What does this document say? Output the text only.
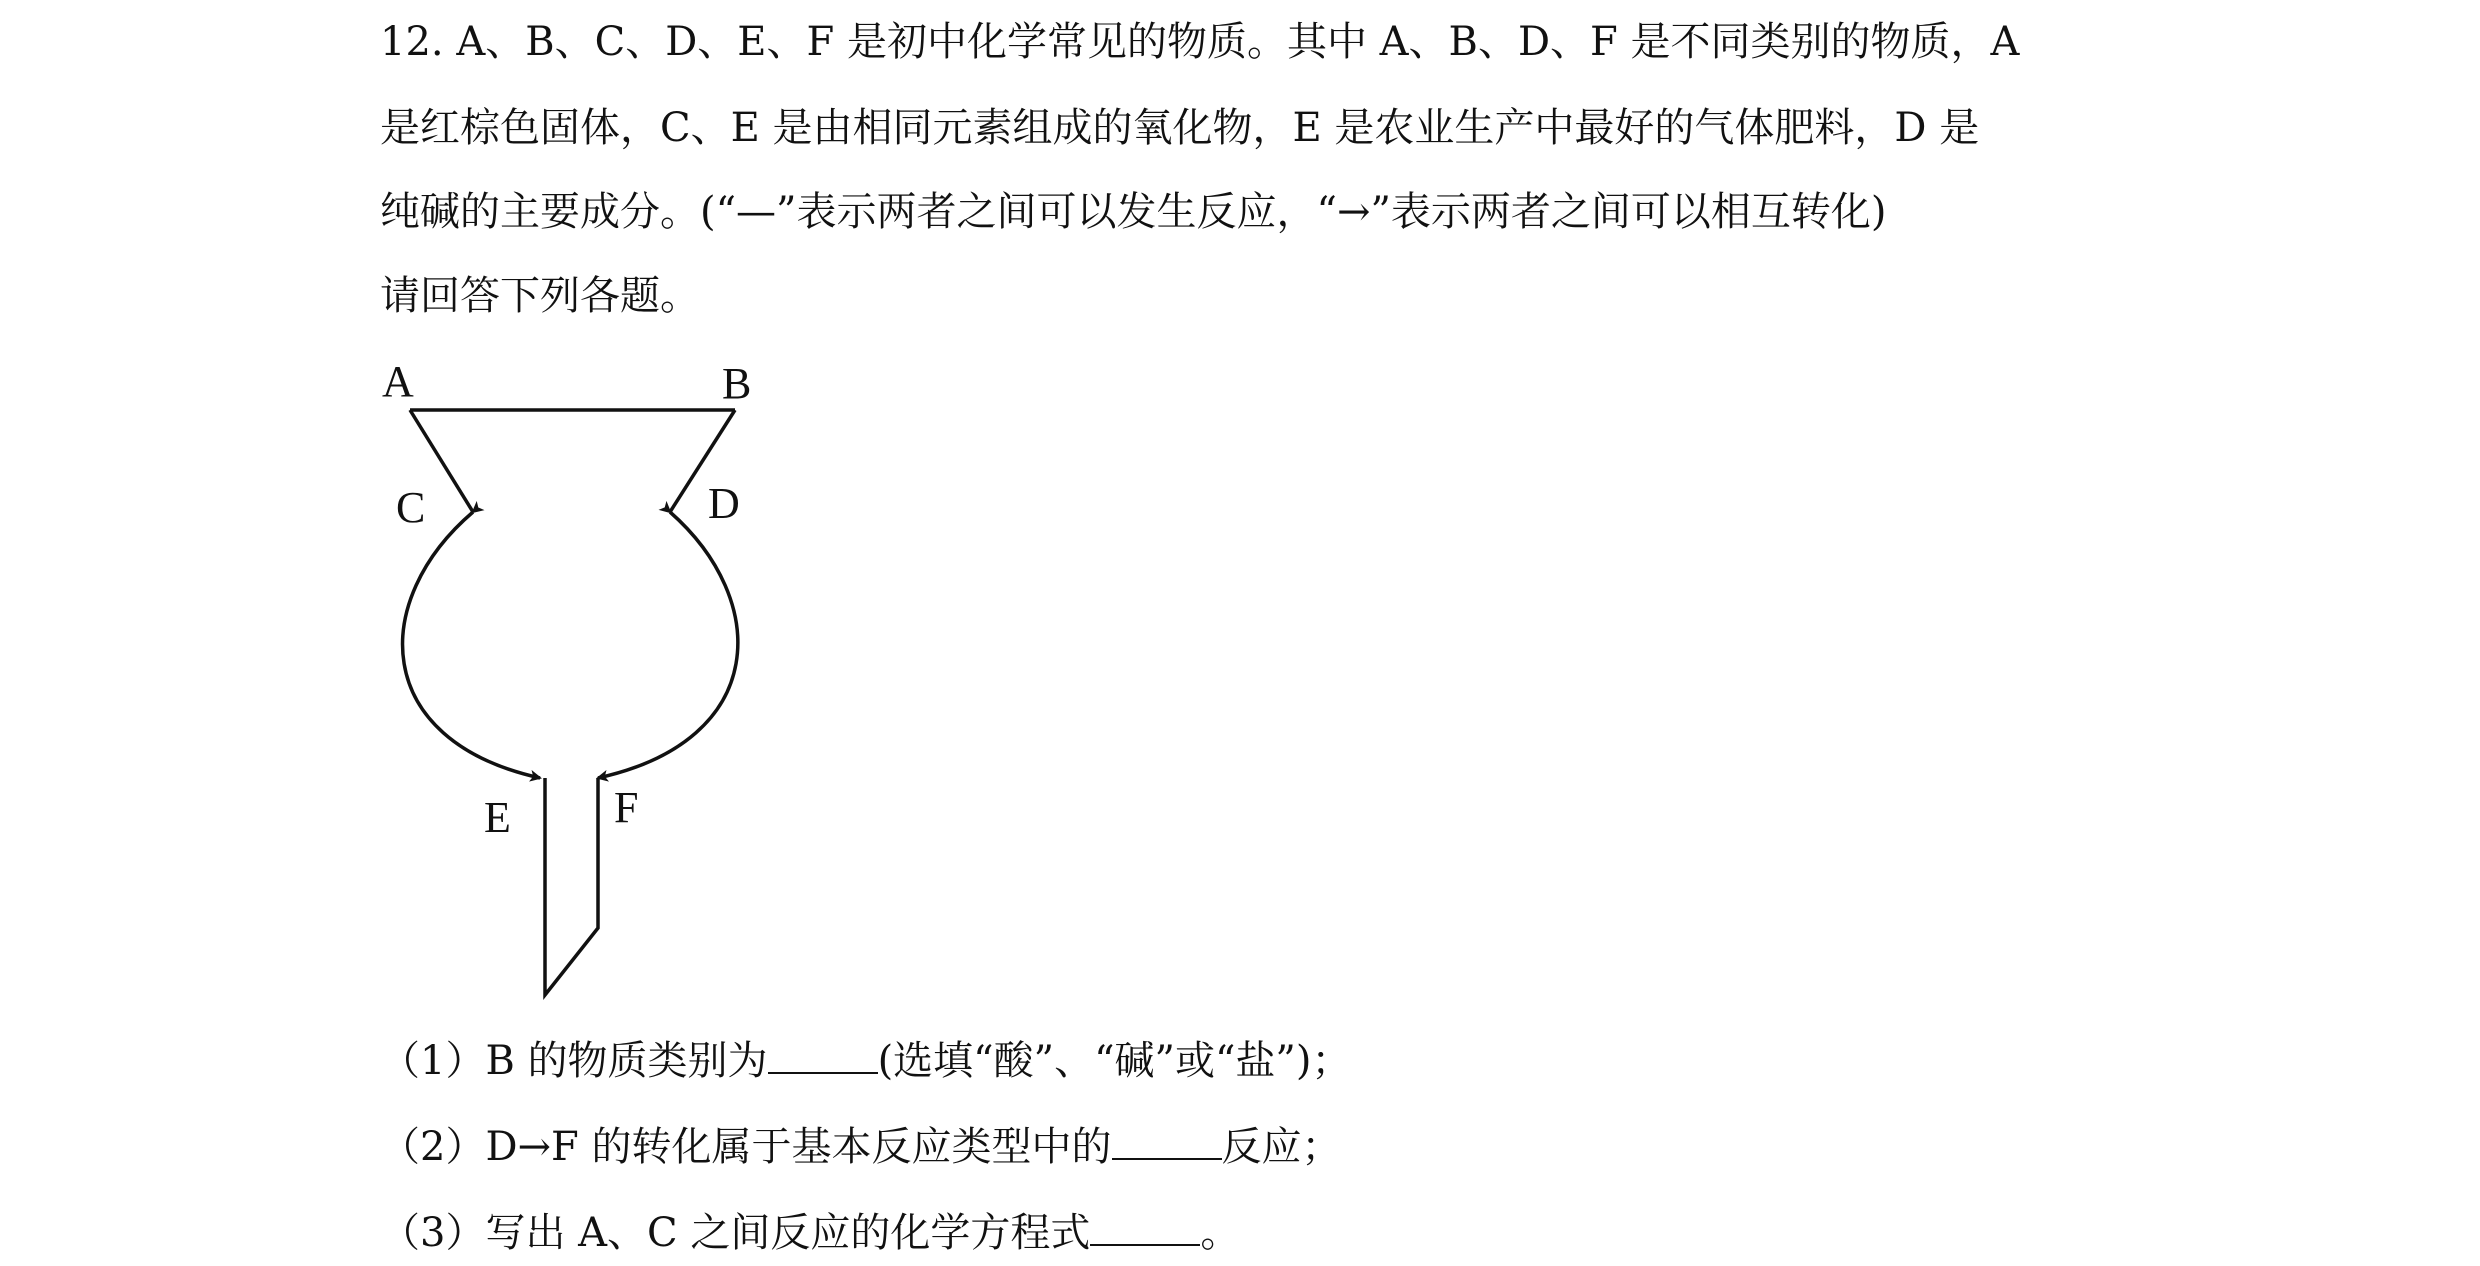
12. A、B、C、D、E、F 是初中化学常见的物质。其中 A、B、D、F 是不同类别的物质，A
是红棕色固体，C、E 是由相同元素组成的氧化物，E 是农业生产中最好的气体肥料，D 是
纯碱的主要成分。(“—”表示两者之间可以发生反应，“→”表示两者之间可以相互转化)
请回答下列各题。
A	B
C	D
E F
（1）B 的物质类别为	(选填“酸”、“碱”或“盐”)；
（2）D→F 的转化属于基本反应类型中的	反应；
（3）写出 A、C 之间反应的化学方程式	。
